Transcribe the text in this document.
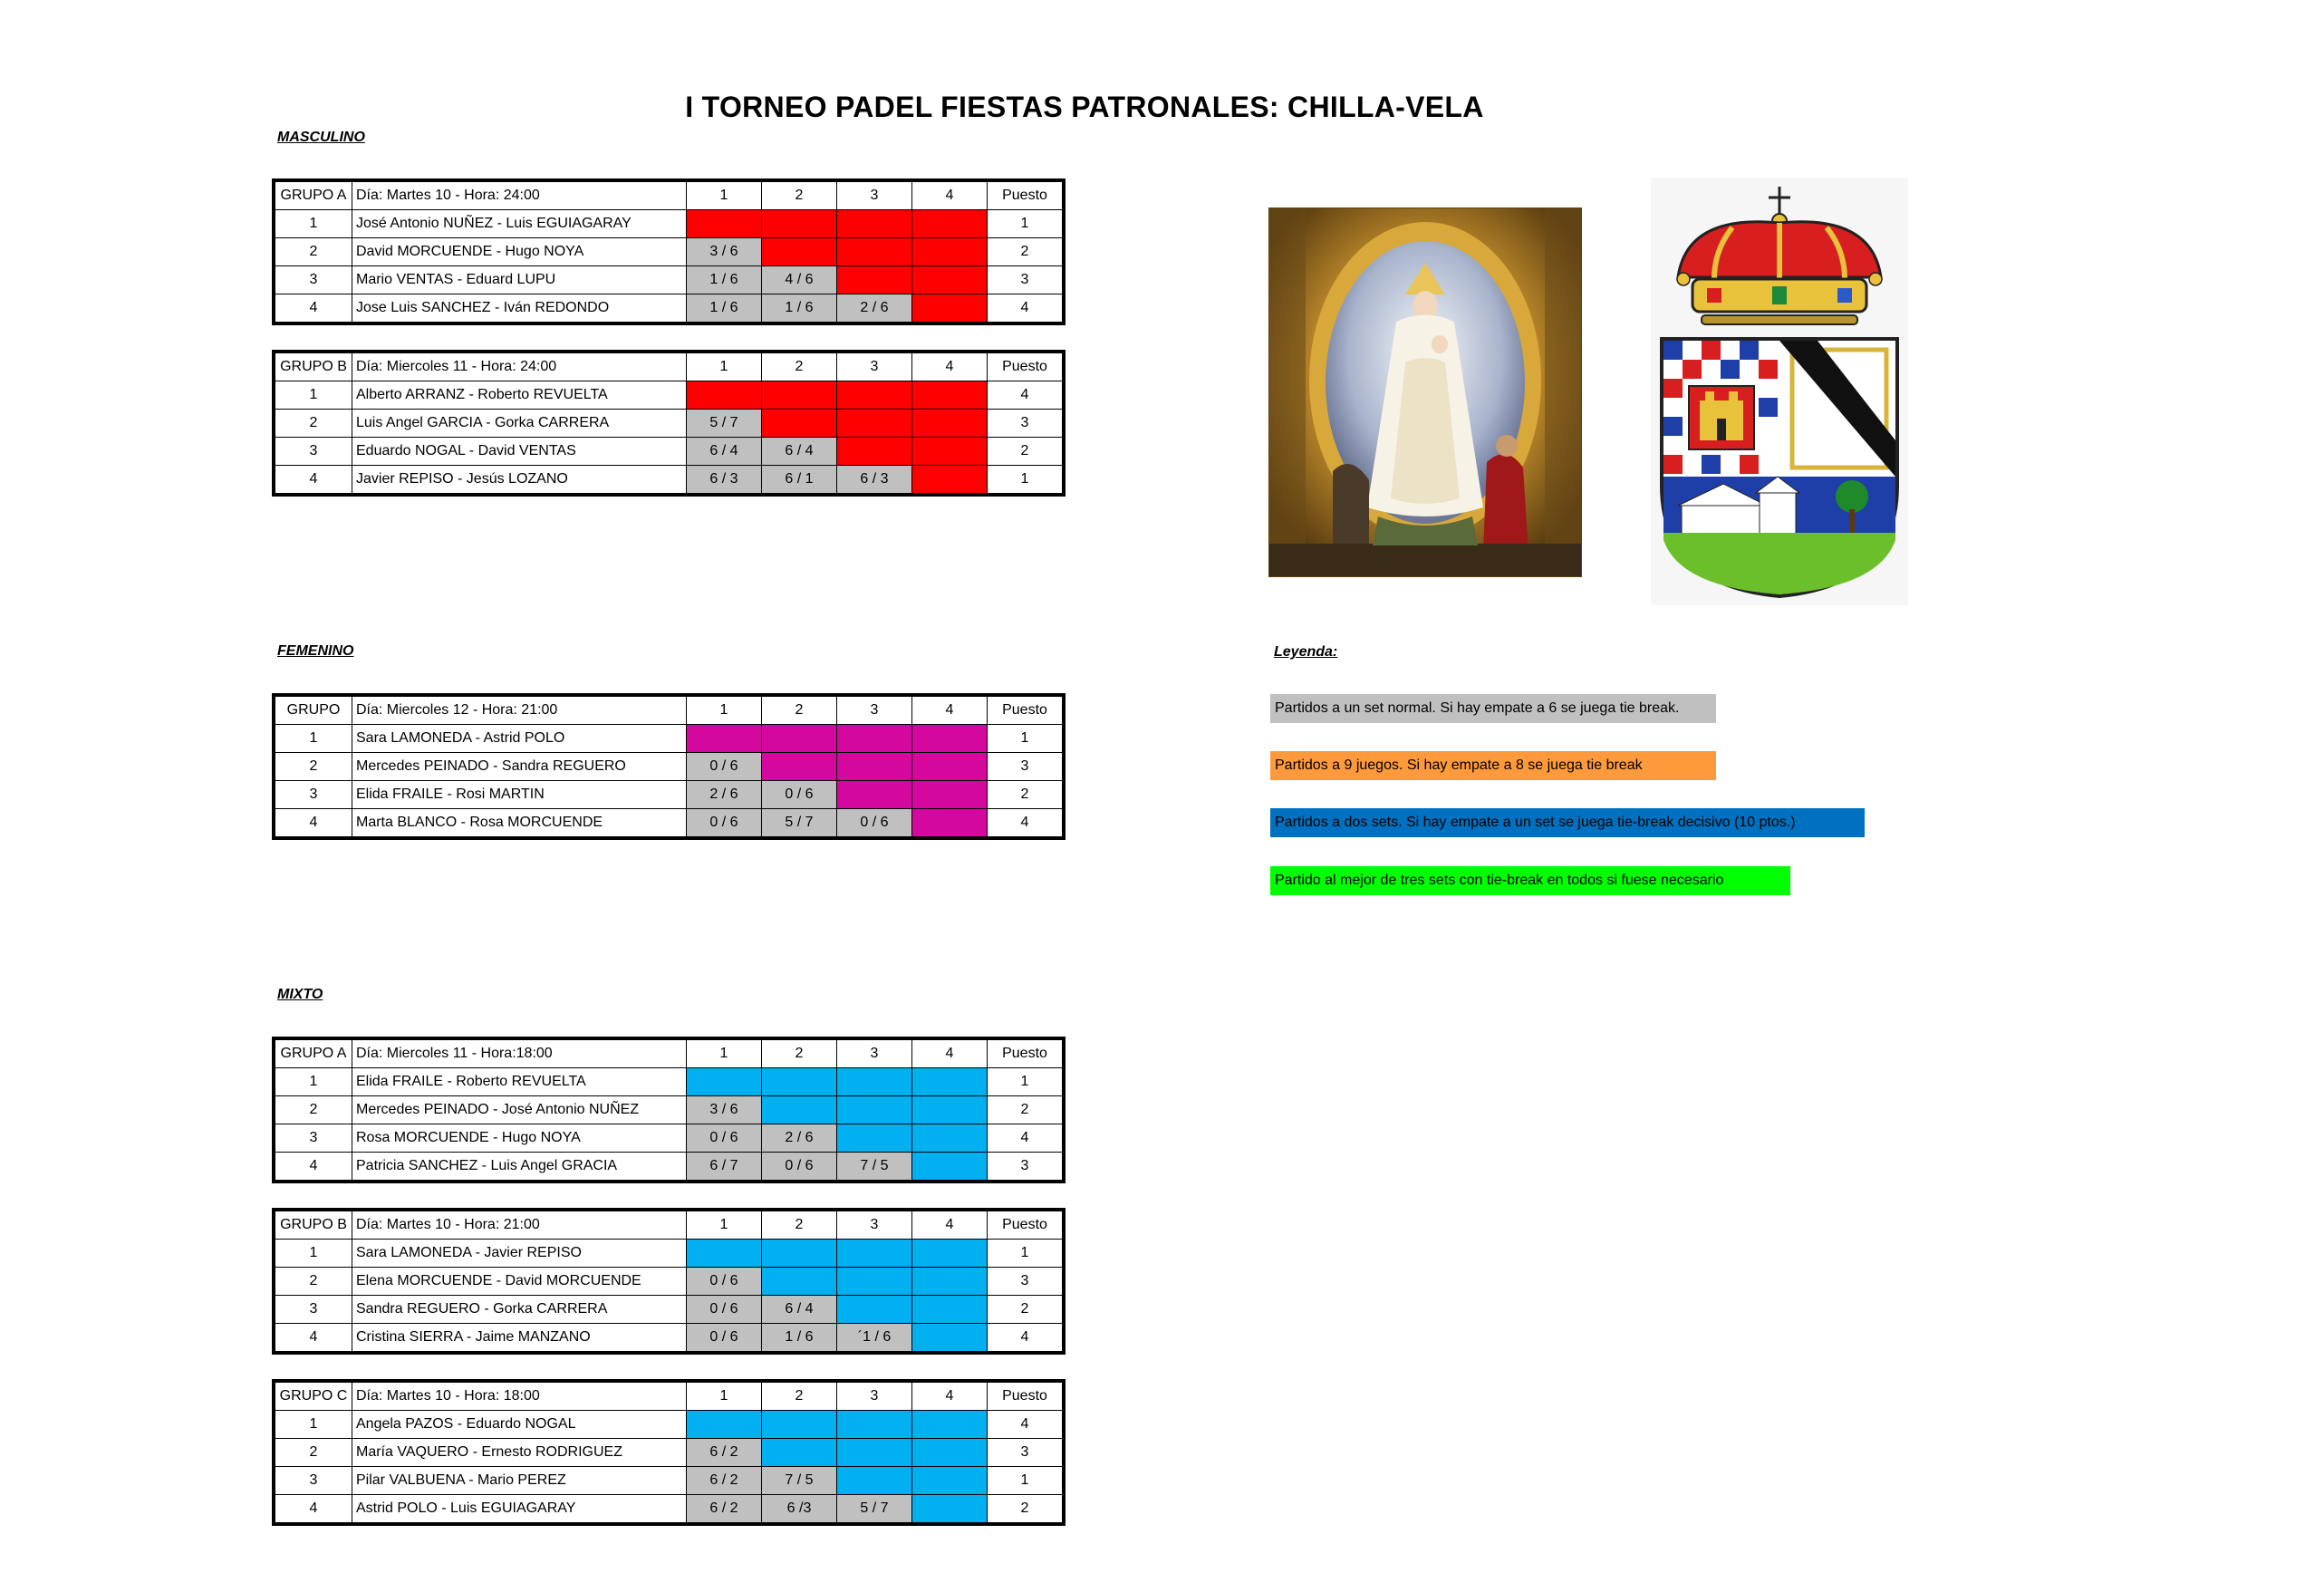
I TORNEO PADEL FIESTAS PATRONALES: CHILLA-VELA
MASCULINO
GRUPO A	Día: Martes 10 - Hora: 24:00	1	2	3	4	Puesto
1	José Antonio NUÑEZ - Luis EGUIAGARAY					1
2	David MORCUENDE - Hugo NOYA	3 / 6				2
3	Mario VENTAS - Eduard LUPU	1 / 6	4 / 6			3
4	Jose Luis SANCHEZ - Iván REDONDO	1 / 6	1 / 6	2 / 6		4
GRUPO B	Día: Miercoles 11 - Hora: 24:00	1	2	3	4	Puesto
1	Alberto ARRANZ - Roberto REVUELTA					4
2	Luis Angel GARCIA - Gorka CARRERA	5 / 7				3
3	Eduardo NOGAL - David VENTAS	6 / 4	6 / 4			2
4	Javier REPISO - Jesús LOZANO	6 / 3	6 / 1	6 / 3		1
FEMENINO
GRUPO	Día: Miercoles 12 - Hora: 21:00	1	2	3	4	Puesto
1	Sara LAMONEDA - Astrid POLO					1
2	Mercedes PEINADO - Sandra REGUERO	0 / 6				3
3	Elida FRAILE - Rosi MARTIN	2 / 6	0 / 6			2
4	Marta BLANCO - Rosa MORCUENDE	0 / 6	5 / 7	0 / 6		4
MIXTO
GRUPO A	Día: Miercoles 11 - Hora:18:00	1	2	3	4	Puesto
1	Elida FRAILE - Roberto REVUELTA					1
2	Mercedes PEINADO - José Antonio NUÑEZ	3 / 6				2
3	Rosa MORCUENDE - Hugo NOYA	0 / 6	2 / 6			4
4	Patricia SANCHEZ - Luis Angel GRACIA	6 / 7	0 / 6	7 / 5		3
GRUPO B	Día: Martes 10 - Hora: 21:00	1	2	3	4	Puesto
1	Sara LAMONEDA - Javier REPISO					1
2	Elena MORCUENDE - David MORCUENDE	0 / 6				3
3	Sandra REGUERO - Gorka CARRERA	0 / 6	6 / 4			2
4	Cristina SIERRA - Jaime MANZANO	0 / 6	1 / 6	´1 / 6		4
GRUPO C	Día: Martes 10 - Hora: 18:00	1	2	3	4	Puesto
1	Angela PAZOS - Eduardo NOGAL					4
2	María VAQUERO - Ernesto RODRIGUEZ	6 / 2				3
3	Pilar VALBUENA - Mario PEREZ	6 / 2	7 / 5			1
4	Astrid POLO - Luis EGUIAGARAY	6 / 2	6 /3	5 / 7		2
Leyenda:
Partidos a un set normal. Si hay empate a 6 se juega tie break.
Partidos a 9 juegos. Si hay empate a 8 se juega tie break
Partidos a dos sets. Si hay empate a un set se juega tie-break decisivo (10 ptos.)
Partido al mejor de tres sets con tie-break en todos si fuese necesario
